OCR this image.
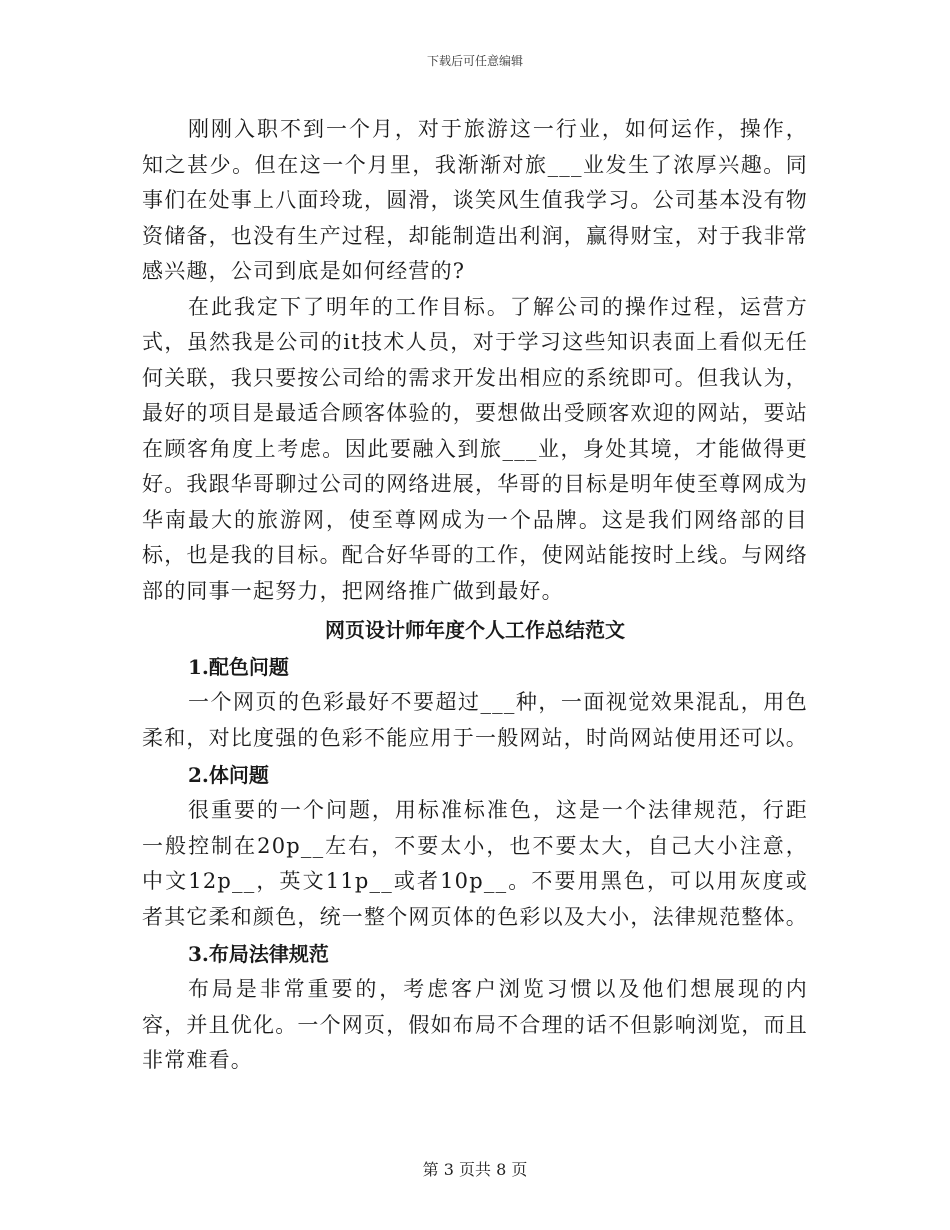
下载后可任意编辑

刚刚入职不到一个月，对于旅游这一行业，如何运作，操作，知之甚少。但在这一个月里，我渐渐对旅___业发生了浓厚兴趣。同事们在处事上八面玲珑，圆滑，谈笑风生值我学习。公司基本没有物资储备，也没有生产过程，却能制造出利润，赢得财宝，对于我非常感兴趣，公司到底是如何经营的?

在此我定下了明年的工作目标。了解公司的操作过程，运营方式，虽然我是公司的it技术人员，对于学习这些知识表面上看似无任何关联，我只要按公司给的需求开发出相应的系统即可。但我认为，最好的项目是最适合顾客体验的，要想做出受顾客欢迎的网站，要站在顾客角度上考虑。因此要融入到旅___业，身处其境，才能做得更好。我跟华哥聊过公司的网络进展，华哥的目标是明年使至尊网成为华南最大的旅游网，使至尊网成为一个品牌。这是我们网络部的目标，也是我的目标。配合好华哥的工作，使网站能按时上线。与网络部的同事一起努力，把网络推广做到最好。

网页设计师年度个人工作总结范文
1.配色问题

一个网页的色彩最好不要超过___种，一面视觉效果混乱，用色柔和，对比度强的色彩不能应用于一般网站，时尚网站使用还可以。

2.体问题

很重要的一个问题，用标准标准色，这是一个法律规范，行距一般控制在20p__左右，不要太小，也不要太大，自己大小注意，中文12p__，英文11p__或者10p__。不要用黑色，可以用灰度或者其它柔和颜色，统一整个网页体的色彩以及大小，法律规范整体。

3.布局法律规范

布局是非常重要的，考虑客户浏览习惯以及他们想展现的内容，并且优化。一个网页，假如布局不合理的话不但影响浏览，而且非常难看。

第 3 页共 8 页
